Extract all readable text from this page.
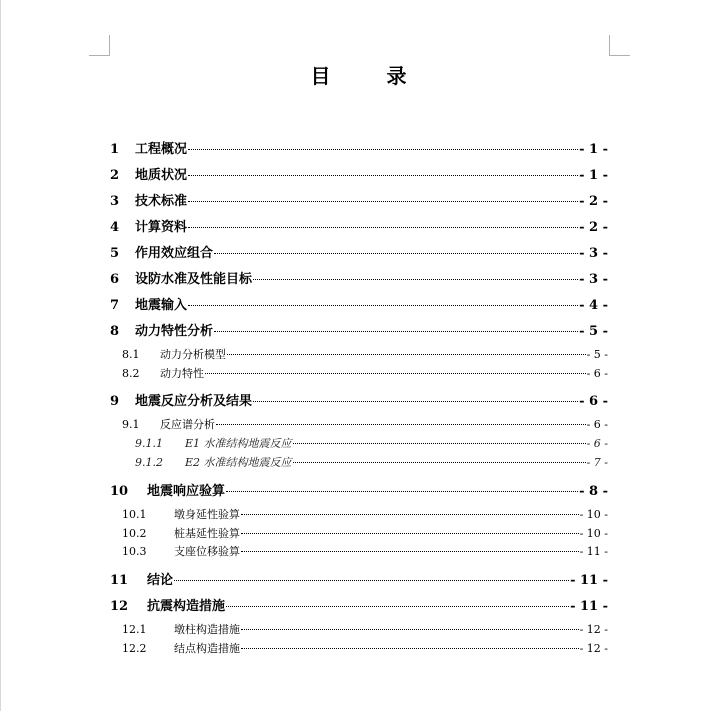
目　录
1	工程概况	- 1 -
2	地质状况	- 1 -
3	技术标准	- 2 -
4	计算资料	- 2 -
5	作用效应组合	- 3 -
6	设防水准及性能目标	- 3 -
7	地震输入	- 4 -
8	动力特性分析	- 5 -
8.1	动力分析模型	- 5 -
8.2	动力特性	- 6 -
9	地震反应分析及结果	- 6 -
9.1	反应谱分析	- 6 -
9.1.1	E1 水准结构地震反应	- 6 -
9.1.2	E2 水准结构地震反应	- 7 -
10	地震响应验算	- 8 -
10.1	墩身延性验算	- 10 -
10.2	桩基延性验算	- 10 -
10.3	支座位移验算	- 11 -
11	结论	- 11 -
12	抗震构造措施	- 11 -
12.1	墩柱构造措施	- 12 -
12.2	结点构造措施	- 12 -
